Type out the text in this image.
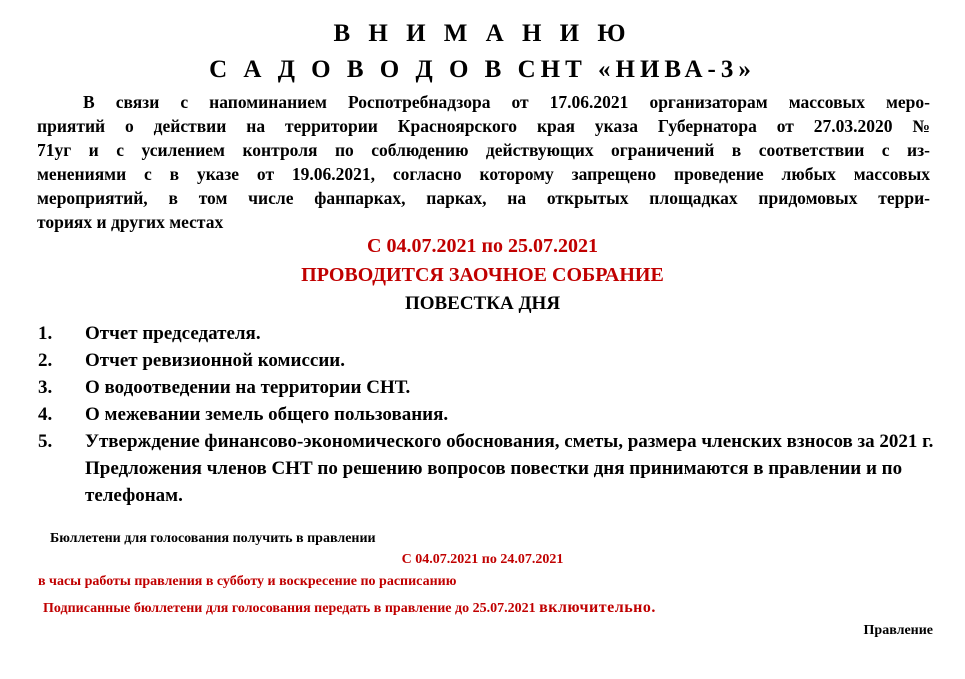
В Н И М А Н И Ю
С А Д О В О Д О В СНТ «НИВА-3»
В связи с напоминанием Роспотребнадзора от 17.06.2021 организаторам массовых меро-
приятий о действии на территории Красноярского края указа Губернатора от 27.03.2020 №
71уг и с усилением контроля по соблюдению действующих ограничений в соответствии с из-
менениями с в указе от 19.06.2021, согласно которому запрещено проведение любых массовых
мероприятий, в том числе фанпарках, парках, на открытых площадках придомовых терри-
ториях и других местах
С 04.07.2021 по 25.07.2021
ПРОВОДИТСЯ ЗАОЧНОЕ СОБРАНИЕ
ПОВЕСТКА ДНЯ
1. Отчет председателя.
2. Отчет ревизионной комиссии.
3. О водоотведении на территории СНТ.
4. О межевании земель общего пользования.
5. Утверждение финансово-экономического обоснования, сметы, размера членских взносов за 2021 г.
Предложения членов СНТ по решению вопросов повестки дня принимаются в правлении и по телефонам.
Бюллетени для голосования получить в правлении
С 04.07.2021 по 24.07.2021
в часы работы правления в субботу и воскресение по расписанию
Подписанные бюллетени для голосования передать в правление до 25.07.2021 включительно.
Правление
